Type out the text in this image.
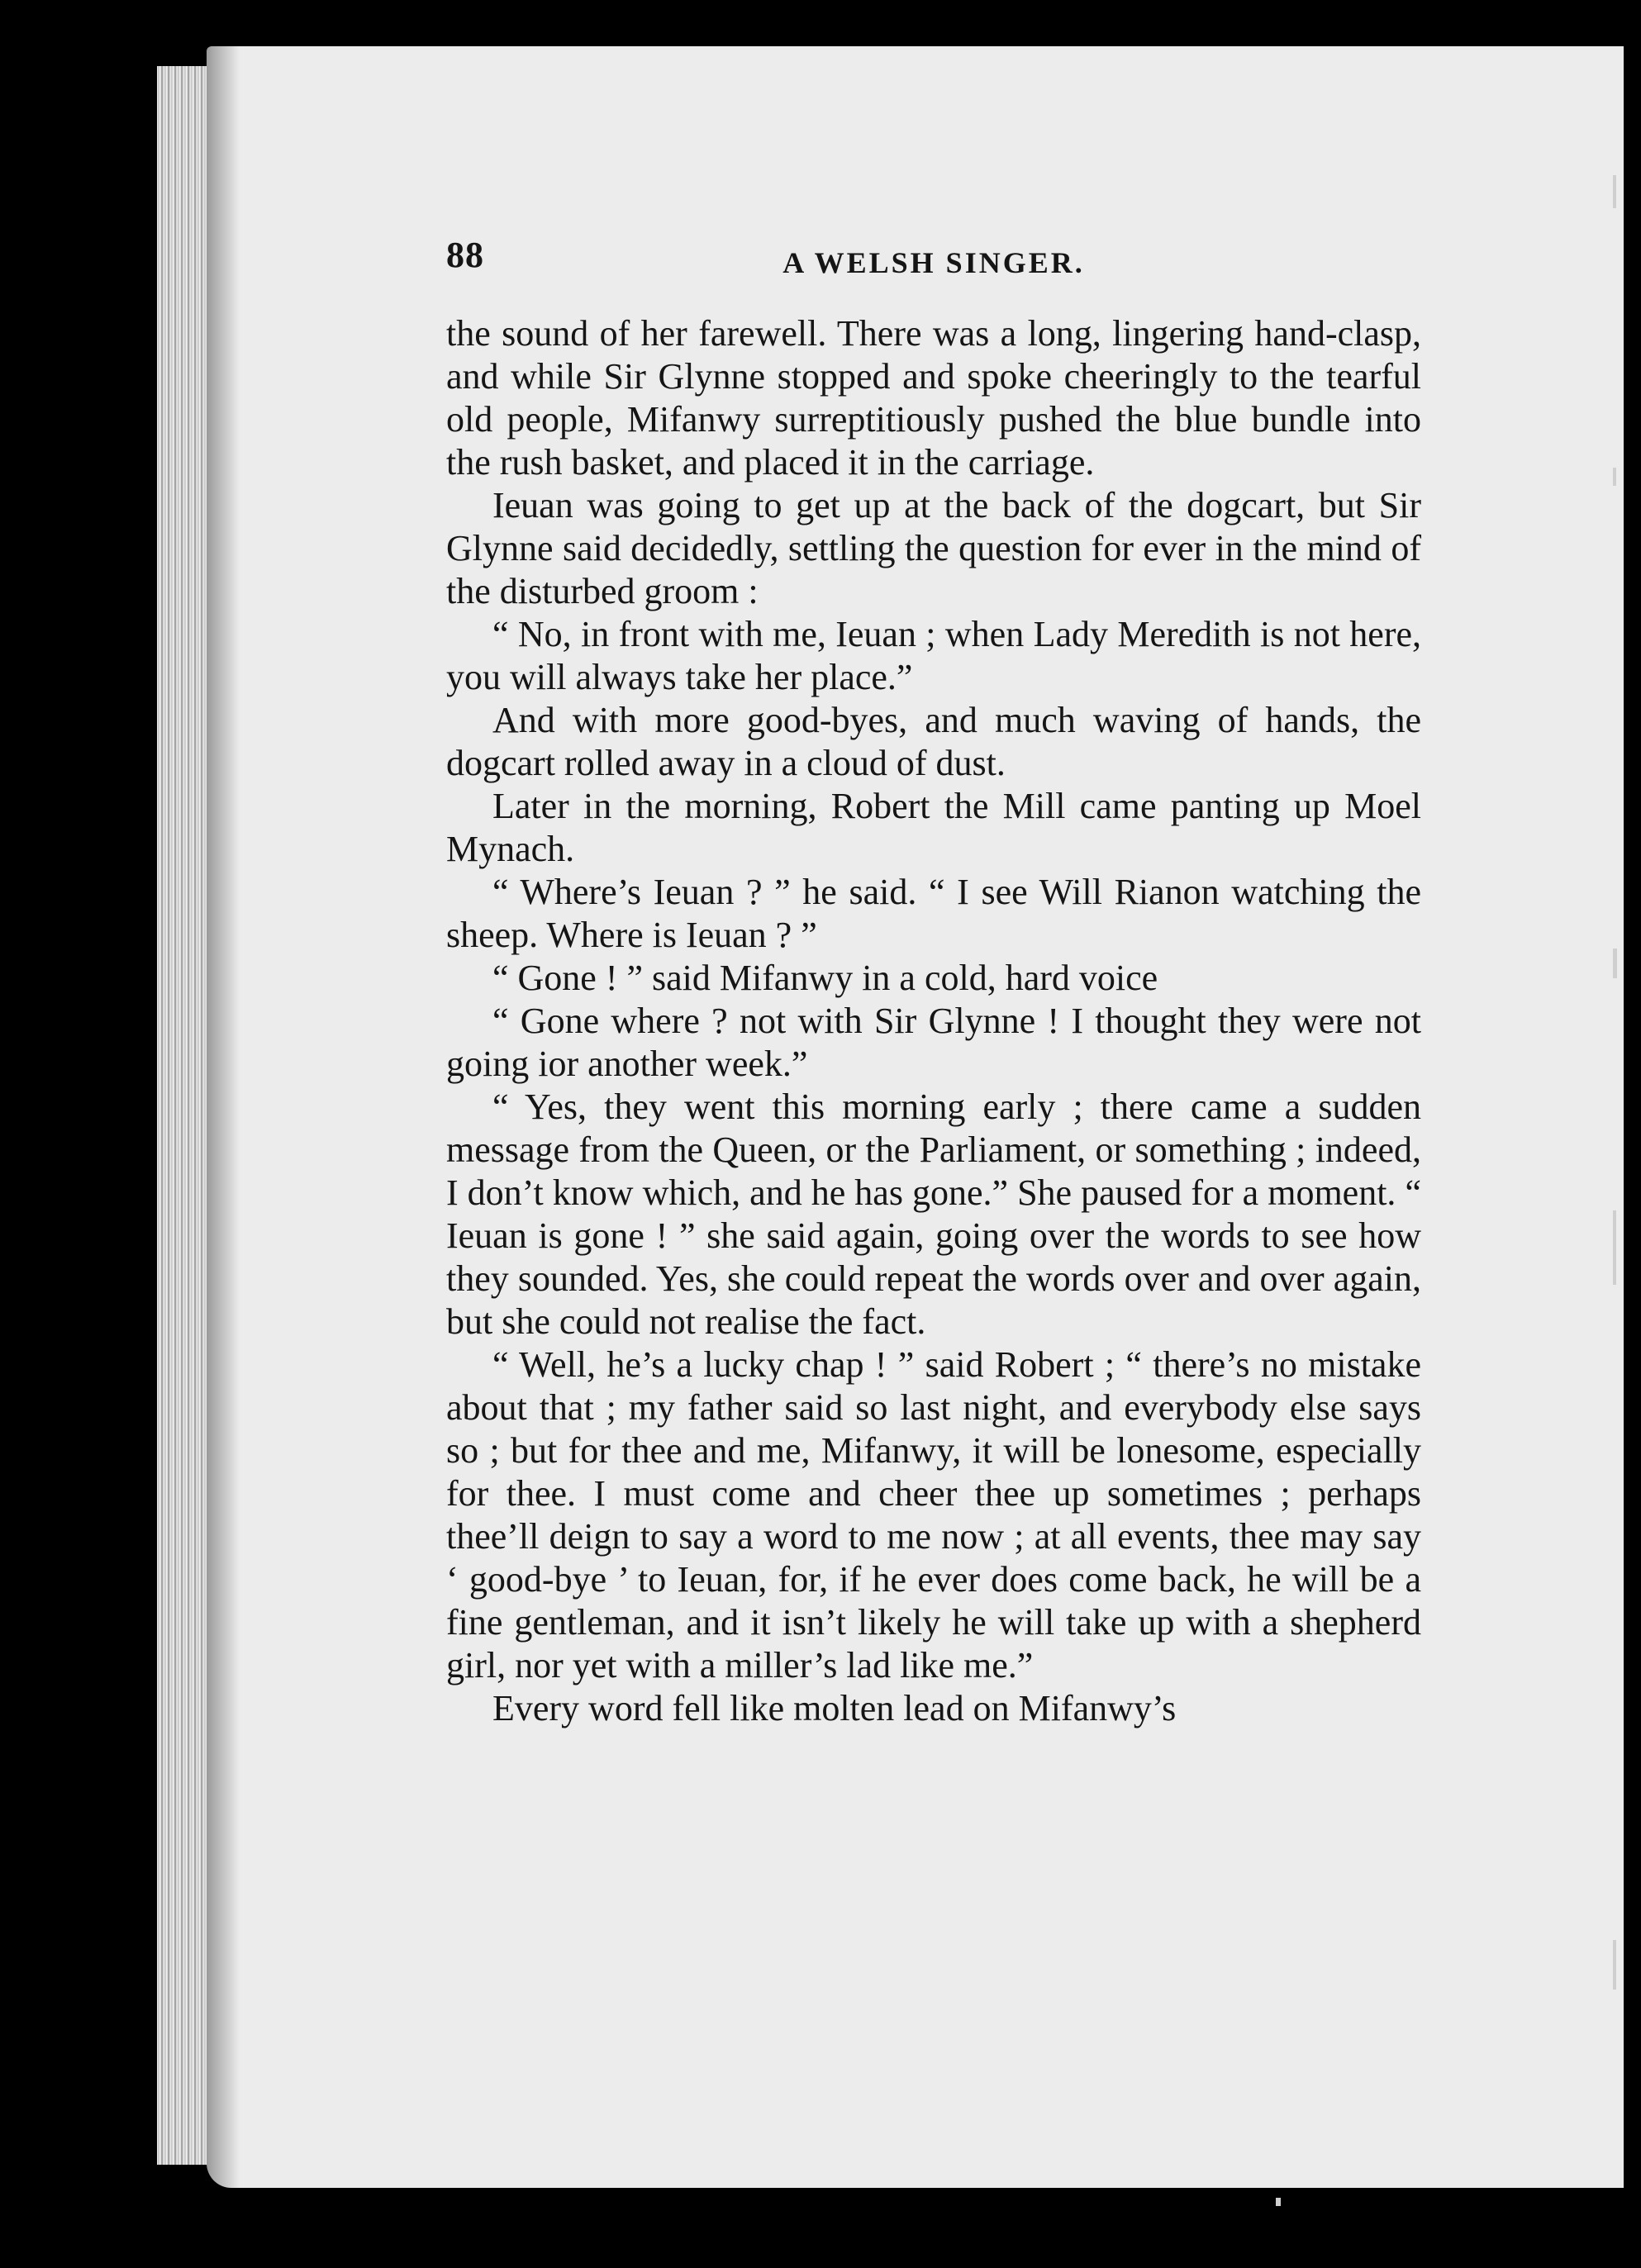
88	A WELSH SINGER.

the sound of her farewell. There was a long, lingering hand-clasp, and while Sir Glynne stopped and spoke cheeringly to the tearful old people, Mifanwy surreptitiously pushed the blue bundle into the rush basket, and placed it in the carriage.

Ieuan was going to get up at the back of the dogcart, but Sir Glynne said decidedly, settling the question for ever in the mind of the disturbed groom :

“ No, in front with me, Ieuan ; when Lady Meredith is not here, you will always take her place.”

And with more good-byes, and much waving of hands, the dogcart rolled away in a cloud of dust.

Later in the morning, Robert the Mill came panting up Moel Mynach.

“ Where’s Ieuan ? ” he said. “ I see Will Rianon watching the sheep. Where is Ieuan ? ”

“ Gone ! ” said Mifanwy in a cold, hard voice

“ Gone where ? not with Sir Glynne ! I thought they were not going ior another week.”

“ Yes, they went this morning early ; there came a sudden message from the Queen, or the Parliament, or something ; indeed, I don’t know which, and he has gone.” She paused for a moment. “ Ieuan is gone ! ” she said again, going over the words to see how they sounded. Yes, she could repeat the words over and over again, but she could not realise the fact.

“ Well, he’s a lucky chap ! ” said Robert ; “ there’s no mistake about that ; my father said so last night, and everybody else says so ; but for thee and me, Mifanwy, it will be lonesome, especially for thee. I must come and cheer thee up sometimes ; perhaps thee’ll deign to say a word to me now ; at all events, thee may say ‘ good-bye ’ to Ieuan, for, if he ever does come back, he will be a fine gentleman, and it isn’t likely he will take up with a shepherd girl, nor yet with a miller’s lad like me.”

Every word fell like molten lead on Mifanwy’s
